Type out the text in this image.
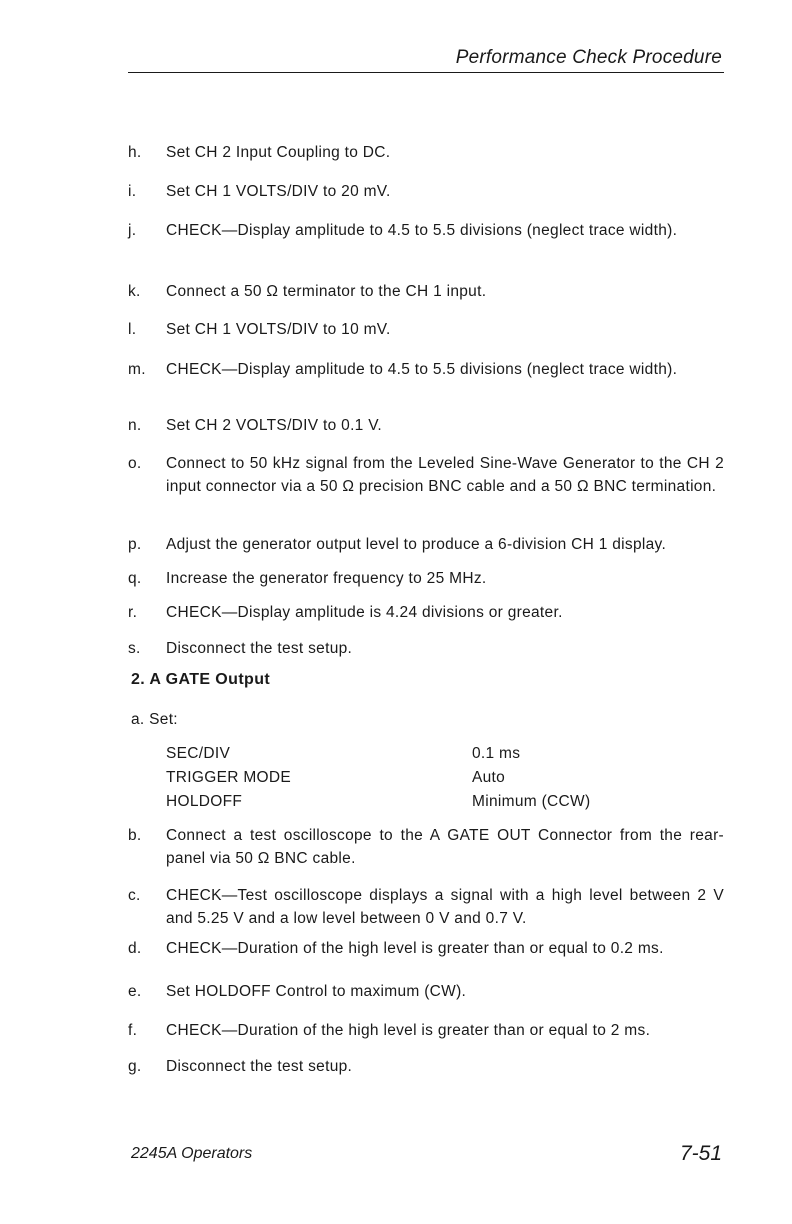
Performance Check Procedure
h. Set CH 2 Input Coupling to DC.
i. Set CH 1 VOLTS/DIV to 20 mV.
j. CHECK—Display amplitude to 4.5 to 5.5 divisions (neglect trace width).
k. Connect a 50 Ω terminator to the CH 1 input.
l. Set CH 1 VOLTS/DIV to 10 mV.
m. CHECK—Display amplitude to 4.5 to 5.5 divisions (neglect trace width).
n. Set CH 2 VOLTS/DIV to 0.1 V.
o. Connect to 50 kHz signal from the Leveled Sine-Wave Generator to the CH 2 input connector via a 50 Ω precision BNC cable and a 50 Ω BNC termination.
p. Adjust the generator output level to produce a 6-division CH 1 display.
q. Increase the generator frequency to 25 MHz.
r. CHECK—Display amplitude is 4.24 divisions or greater.
s. Disconnect the test setup.
2. A GATE Output
a. Set:
SEC/DIV	0.1 ms
TRIGGER MODE	Auto
HOLDOFF	Minimum (CCW)
b. Connect a test oscilloscope to the A GATE OUT Connector from the rear-panel via 50 Ω BNC cable.
c. CHECK—Test oscilloscope displays a signal with a high level between 2 V and 5.25 V and a low level between 0 V and 0.7 V.
d. CHECK—Duration of the high level is greater than or equal to 0.2 ms.
e. Set HOLDOFF Control to maximum (CW).
f. CHECK—Duration of the high level is greater than or equal to 2 ms.
g. Disconnect the test setup.
2245A Operators	7-51
